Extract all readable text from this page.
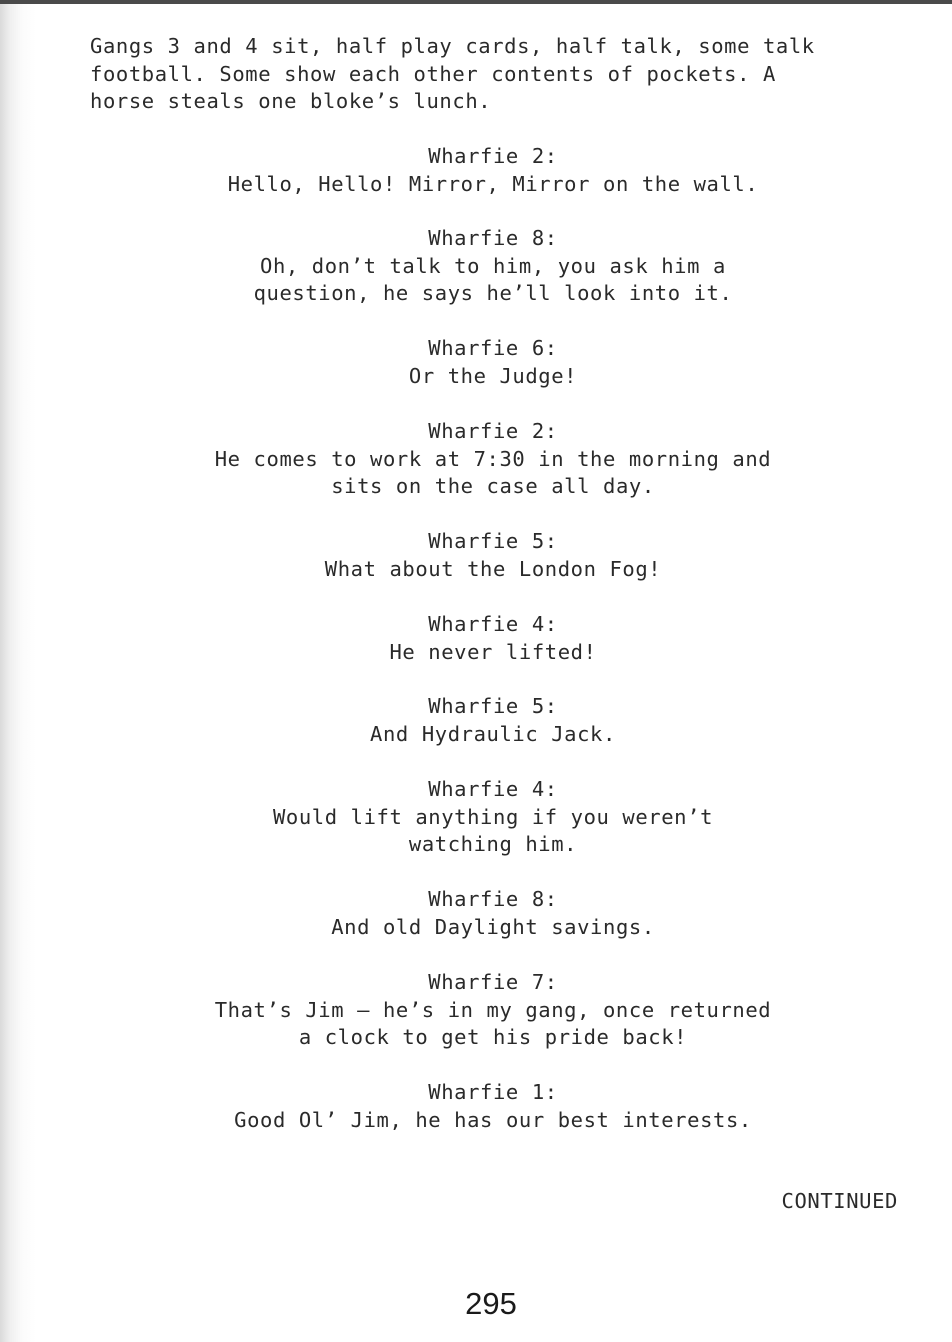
Gangs 3 and 4 sit, half play cards, half talk, some talk
football. Some show each other contents of pockets. A
horse steals one bloke’s lunch.
Wharfie 2:
Hello, Hello! Mirror, Mirror on the wall.
Wharfie 8:
Oh, don’t talk to him, you ask him a
question, he says he’ll look into it.
Wharfie 6:
Or the Judge!
Wharfie 2:
He comes to work at 7:30 in the morning and
sits on the case all day.
Wharfie 5:
What about the London Fog!
Wharfie 4:
He never lifted!
Wharfie 5:
And Hydraulic Jack.
Wharfie 4:
Would lift anything if you weren’t
watching him.
Wharfie 8:
And old Daylight savings.
Wharfie 7:
That’s Jim – he’s in my gang, once returned
a clock to get his pride back!
Wharfie 1:
Good Ol’ Jim, he has our best interests.
CONTINUED
295
